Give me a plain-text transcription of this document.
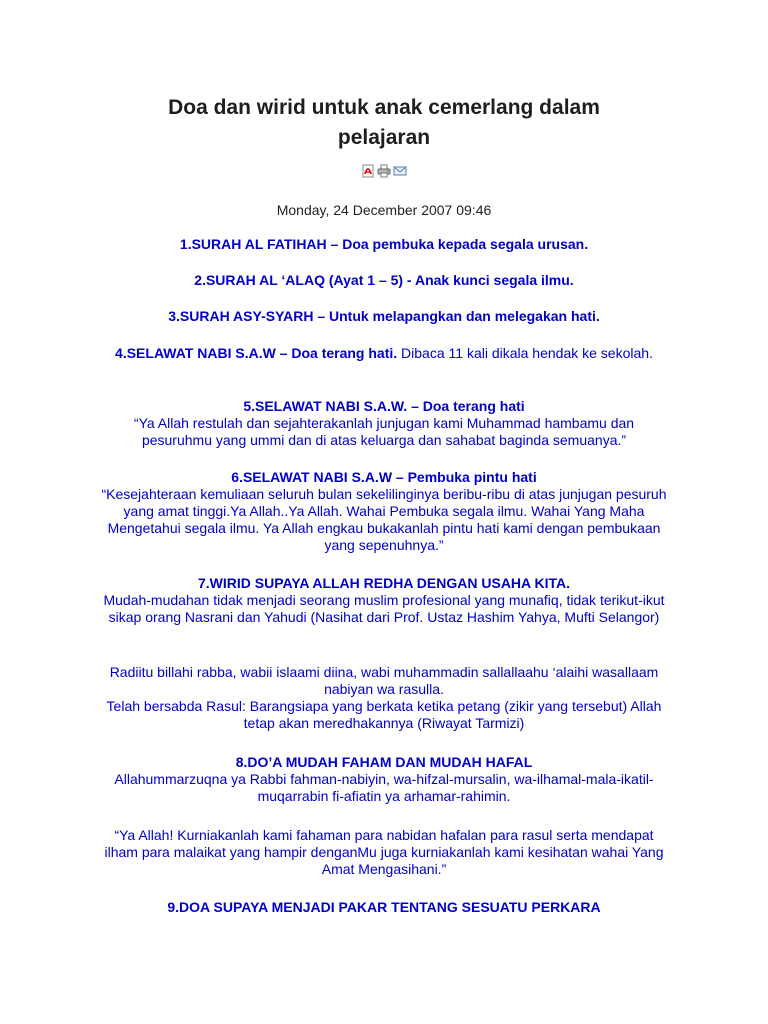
Doa dan wirid untuk anak cemerlang dalam
pelajaran
Monday, 24 December 2007 09:46
1.SURAH AL FATIHAH – Doa pembuka kepada segala urusan.
2.SURAH AL ‘ALAQ (Ayat 1 – 5) - Anak kunci segala ilmu.
3.SURAH ASY-SYARH – Untuk melapangkan dan melegakan hati.
4.SELAWAT NABI S.A.W – Doa terang hati. Dibaca 11 kali dikala hendak ke sekolah.
5.SELAWAT NABI S.A.W. – Doa terang hati
“Ya Allah restulah dan sejahterakanlah junjugan kami Muhammad hambamu dan pesuruhmu yang ummi dan di atas keluarga dan sahabat baginda semuanya.”
6.SELAWAT NABI S.A.W – Pembuka pintu hati
“Kesejahteraan kemuliaan seluruh bulan sekelilinginya beribu-ribu di atas junjugan pesuruh yang amat tinggi.Ya Allah..Ya Allah. Wahai Pembuka segala ilmu. Wahai Yang Maha Mengetahui segala ilmu. Ya Allah engkau bukakanlah pintu hati kami dengan pembukaan yang sepenuhnya.”
7.WIRID SUPAYA ALLAH REDHA DENGAN USAHA KITA.
Mudah-mudahan tidak menjadi seorang muslim profesional yang munafiq, tidak terikut-ikut sikap orang Nasrani dan Yahudi (Nasihat dari Prof. Ustaz Hashim Yahya, Mufti Selangor)
Radiitu billahi rabba, wabii islaami diina, wabi muhammadin sallallaahu ‘alaihi wasallaam nabiyan wa rasulla.
Telah bersabda Rasul: Barangsiapa yang berkata ketika petang (zikir yang tersebut) Allah tetap akan meredhakannya (Riwayat Tarmizi)
8.DO’A MUDAH FAHAM DAN MUDAH HAFAL
Allahummarzuqna ya Rabbi fahman-nabiyin, wa-hifzal-mursalin, wa-ilhamal-mala-ikatil-muqarrabin fi-afiatin ya arhamar-rahimin.
“Ya Allah! Kurniakanlah kami fahaman para nabidan hafalan para rasul serta mendapat ilham para malaikat yang hampir denganMu juga kurniakanlah kami kesihatan wahai Yang Amat Mengasihani.”
9.DOA SUPAYA MENJADI PAKAR TENTANG SESUATU PERKARA
